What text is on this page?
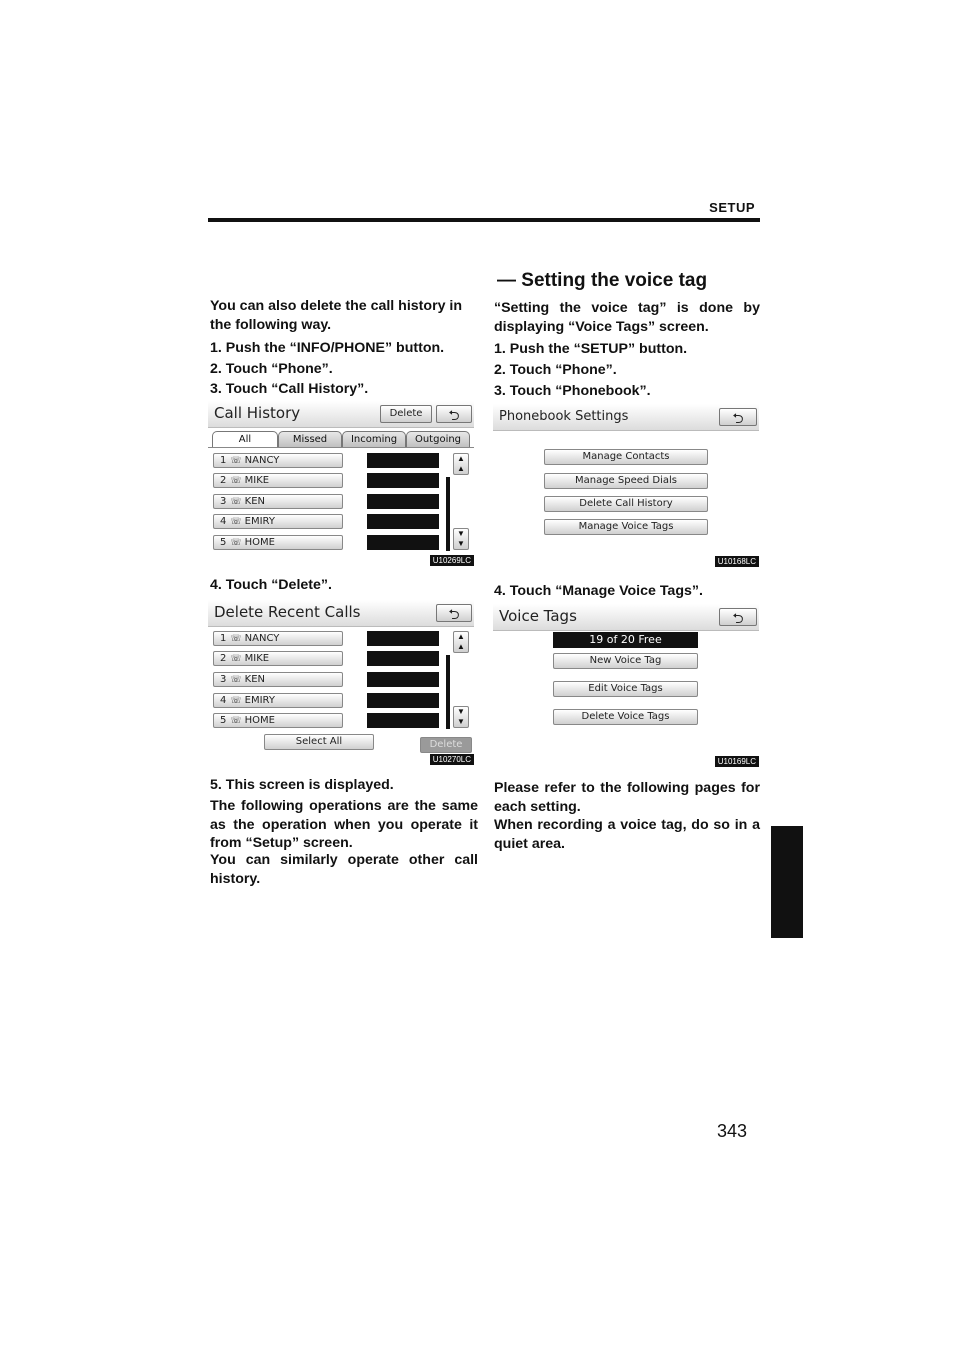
SETUP
— Setting the voice tag
You can also delete the call history in the following way.
1. Push the “INFO/PHONE” button.
2. Touch “Phone”.
3. Touch “Call History”.
Call History	Delete	⮌
All	Missed	Incoming	Outgoing
1 ☏ NANCY
2 ☏ MIKE
3 ☏ KEN
4 ☏ EMIRY
5 ☏ HOME
▲
▲
▼
▼
U10269LC
4. Touch “Delete”.
Delete Recent Calls	⮌
1 ☏ NANCY
2 ☏ MIKE
3 ☏ KEN
4 ☏ EMIRY
5 ☏ HOME
▲
▲
▼
▼
Select All	Delete
U10270LC
5. This screen is displayed.
The following operations are the same as the operation when you operate it from “Setup” screen.
You can similarly operate other call history.
“Setting the voice tag” is done by displaying “Voice Tags” screen.
1. Push the “SETUP” button.
2. Touch “Phone”.
3. Touch “Phonebook”.
Phonebook Settings	⮌
Manage Contacts
Manage Speed Dials
Delete Call History
Manage Voice Tags
U10168LC
4. Touch “Manage Voice Tags”.
Voice Tags	⮌
19 of 20 Free
New Voice Tag
Edit Voice Tags
Delete Voice Tags
U10169LC
Please refer to the following pages for each setting.
When recording a voice tag, do so in a quiet area.
343
